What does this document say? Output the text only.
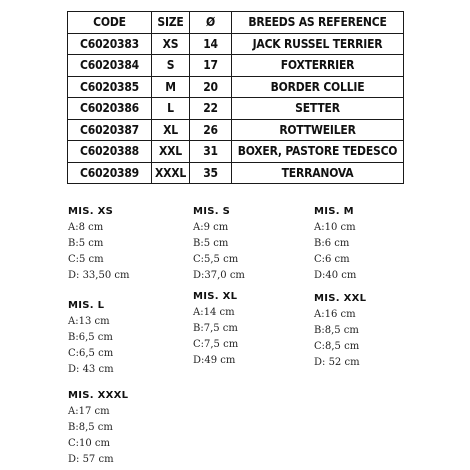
CODE	SIZE	Ø	BREEDS AS REFERENCE
C6020383	XS	14	JACK RUSSEL TERRIER
C6020384	S	17	FOXTERRIER
C6020385	M	20	BORDER COLLIE
C6020386	L	22	SETTER
C6020387	XL	26	ROTTWEILER
C6020388	XXL	31	BOXER, PASTORE TEDESCO
C6020389	XXXL	35	TERRANOVA
MIS. XS
A:8 cm
B:5 cm
C:5 cm
D: 33,50 cm
MIS. S
A:9 cm
B:5 cm
C:5,5 cm
D:37,0 cm
MIS. M
A:10 cm
B:6 cm
C:6 cm
D:40 cm
MIS. L
A:13 cm
B:6,5 cm
C:6,5 cm
D: 43 cm
MIS. XL
A:14 cm
B:7,5 cm
C:7,5 cm
D:49 cm
MIS. XXL
A:16 cm
B:8,5 cm
C:8,5 cm
D: 52 cm
MIS. XXXL
A:17 cm
B:8,5 cm
C:10 cm
D: 57 cm
